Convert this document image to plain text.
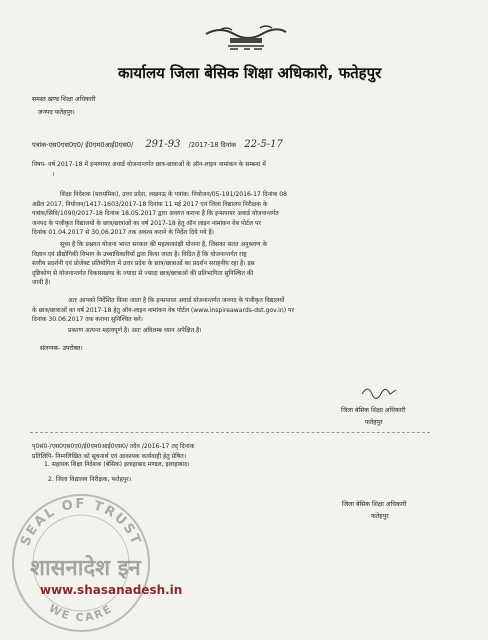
कार्यालय जिला बेसिक शिक्षा अधिकारी, फतेहपुर
समस्त खण्ड शिक्षा अधिकारी
जनपद फतेहपुर।
पत्रांक-एस0एस0ए0/ ई0एम0आई0एस0/ 291-93 /2017-18 दिनांक 22-5-17
विषय- वर्ष 2017-18 में इन्सपायर अवार्ड योजनान्तर्गत छात्र-छात्राओं के ऑन-लाइन नामांकन के सम्बन्ध में
।
शिक्षा निदेशक (माध्यमिक), उत्तर प्रदेश, लखनऊ के पत्रांक: नियोजन/05-191/2016-17 दिनांक 08
अप्रैल 2017, नियोजन/1417-1603/2017-18 दिनांक 11 मई 2017 एवं जिला विद्यालय निरीक्षक के
पत्रांक/सिवि/1090/2017-18 दिनांक 18.05.2017 द्वारा अवगत कराना है कि इन्सपायर अवार्ड योजनान्तर्गत
जनपद के पंजीकृत विद्यालयों के छात्र/छात्राओं का वर्ष 2017-18 हेतु ऑन लाइन नामांकन वेब पोर्टल पर
दिनांक 01.04.2017 से 30.06.2017 तक अवश्य कराने के निर्देश दिये गये हैं।
सूच्य है कि प्रश्नगत योजना भारत सरकार की महत्वाकांक्षी योजना है, जिसका सतत अनुश्रवण के
विज्ञान एवं प्रौद्योगिकी विभाग के उच्चाधिकारियों द्वारा किया जाता है। विदित है कि योजनान्तर्गत राष्ट्र
स्तरीय प्रदर्शनी एवं प्रोजेक्ट प्रतियोगिता में उत्तर प्रदेश के छात्र/छात्राओं का प्रदर्शन सराहनीय रहा है। इस
दृष्टिकोण से योजनान्तर्गत विकासखण्ड के ज्यादा से ज्यादा छात्र/छात्राओं की प्रतिभागिता सुनिश्चित की
जानी है।
अतः आपको निर्देशित किया जाता है कि इन्सपायर अवार्ड योजनान्तर्गत जनपद के पंजीकृत विद्यालयों
के छात्र/छात्राओं का वर्ष 2017-18 हेतु ऑन-लाइन नामांकन वेब पोर्टल (www.inspireawards-dst.gov.in) पर
दिनांक 30.06.2017 तक कराना सुनिश्चित करें।
प्रकरण अत्यन्त महत्वपूर्ण है। अतः अविलम्ब ध्यान अपेक्षित है।
संलग्नक- उपरोक्त।
जिला बेसिक शिक्षा अधिकारी
फतेहपुर
पृ0सं0-/एस0एस0ए0/ई0एम0आई0एस0/ तदैव /2016-17 तद् दिनांक
प्रतिलिपि- निम्नलिखित को सूचनार्थ एवं आवश्यक कार्यवाही हेतु प्रेषित।
1. सहायक शिक्षा निदेशक (बेसिक) इलाहाबाद मण्डल, इलाहाबाद।
2. जिला विद्यालय निरीक्षक, फतेहपुर।
जिला बेसिक शिक्षा अधिकारी
फतेहपुर
SEAL OF TRUST
WE CARE
शासनादेश इन
www.shasanadesh.in
